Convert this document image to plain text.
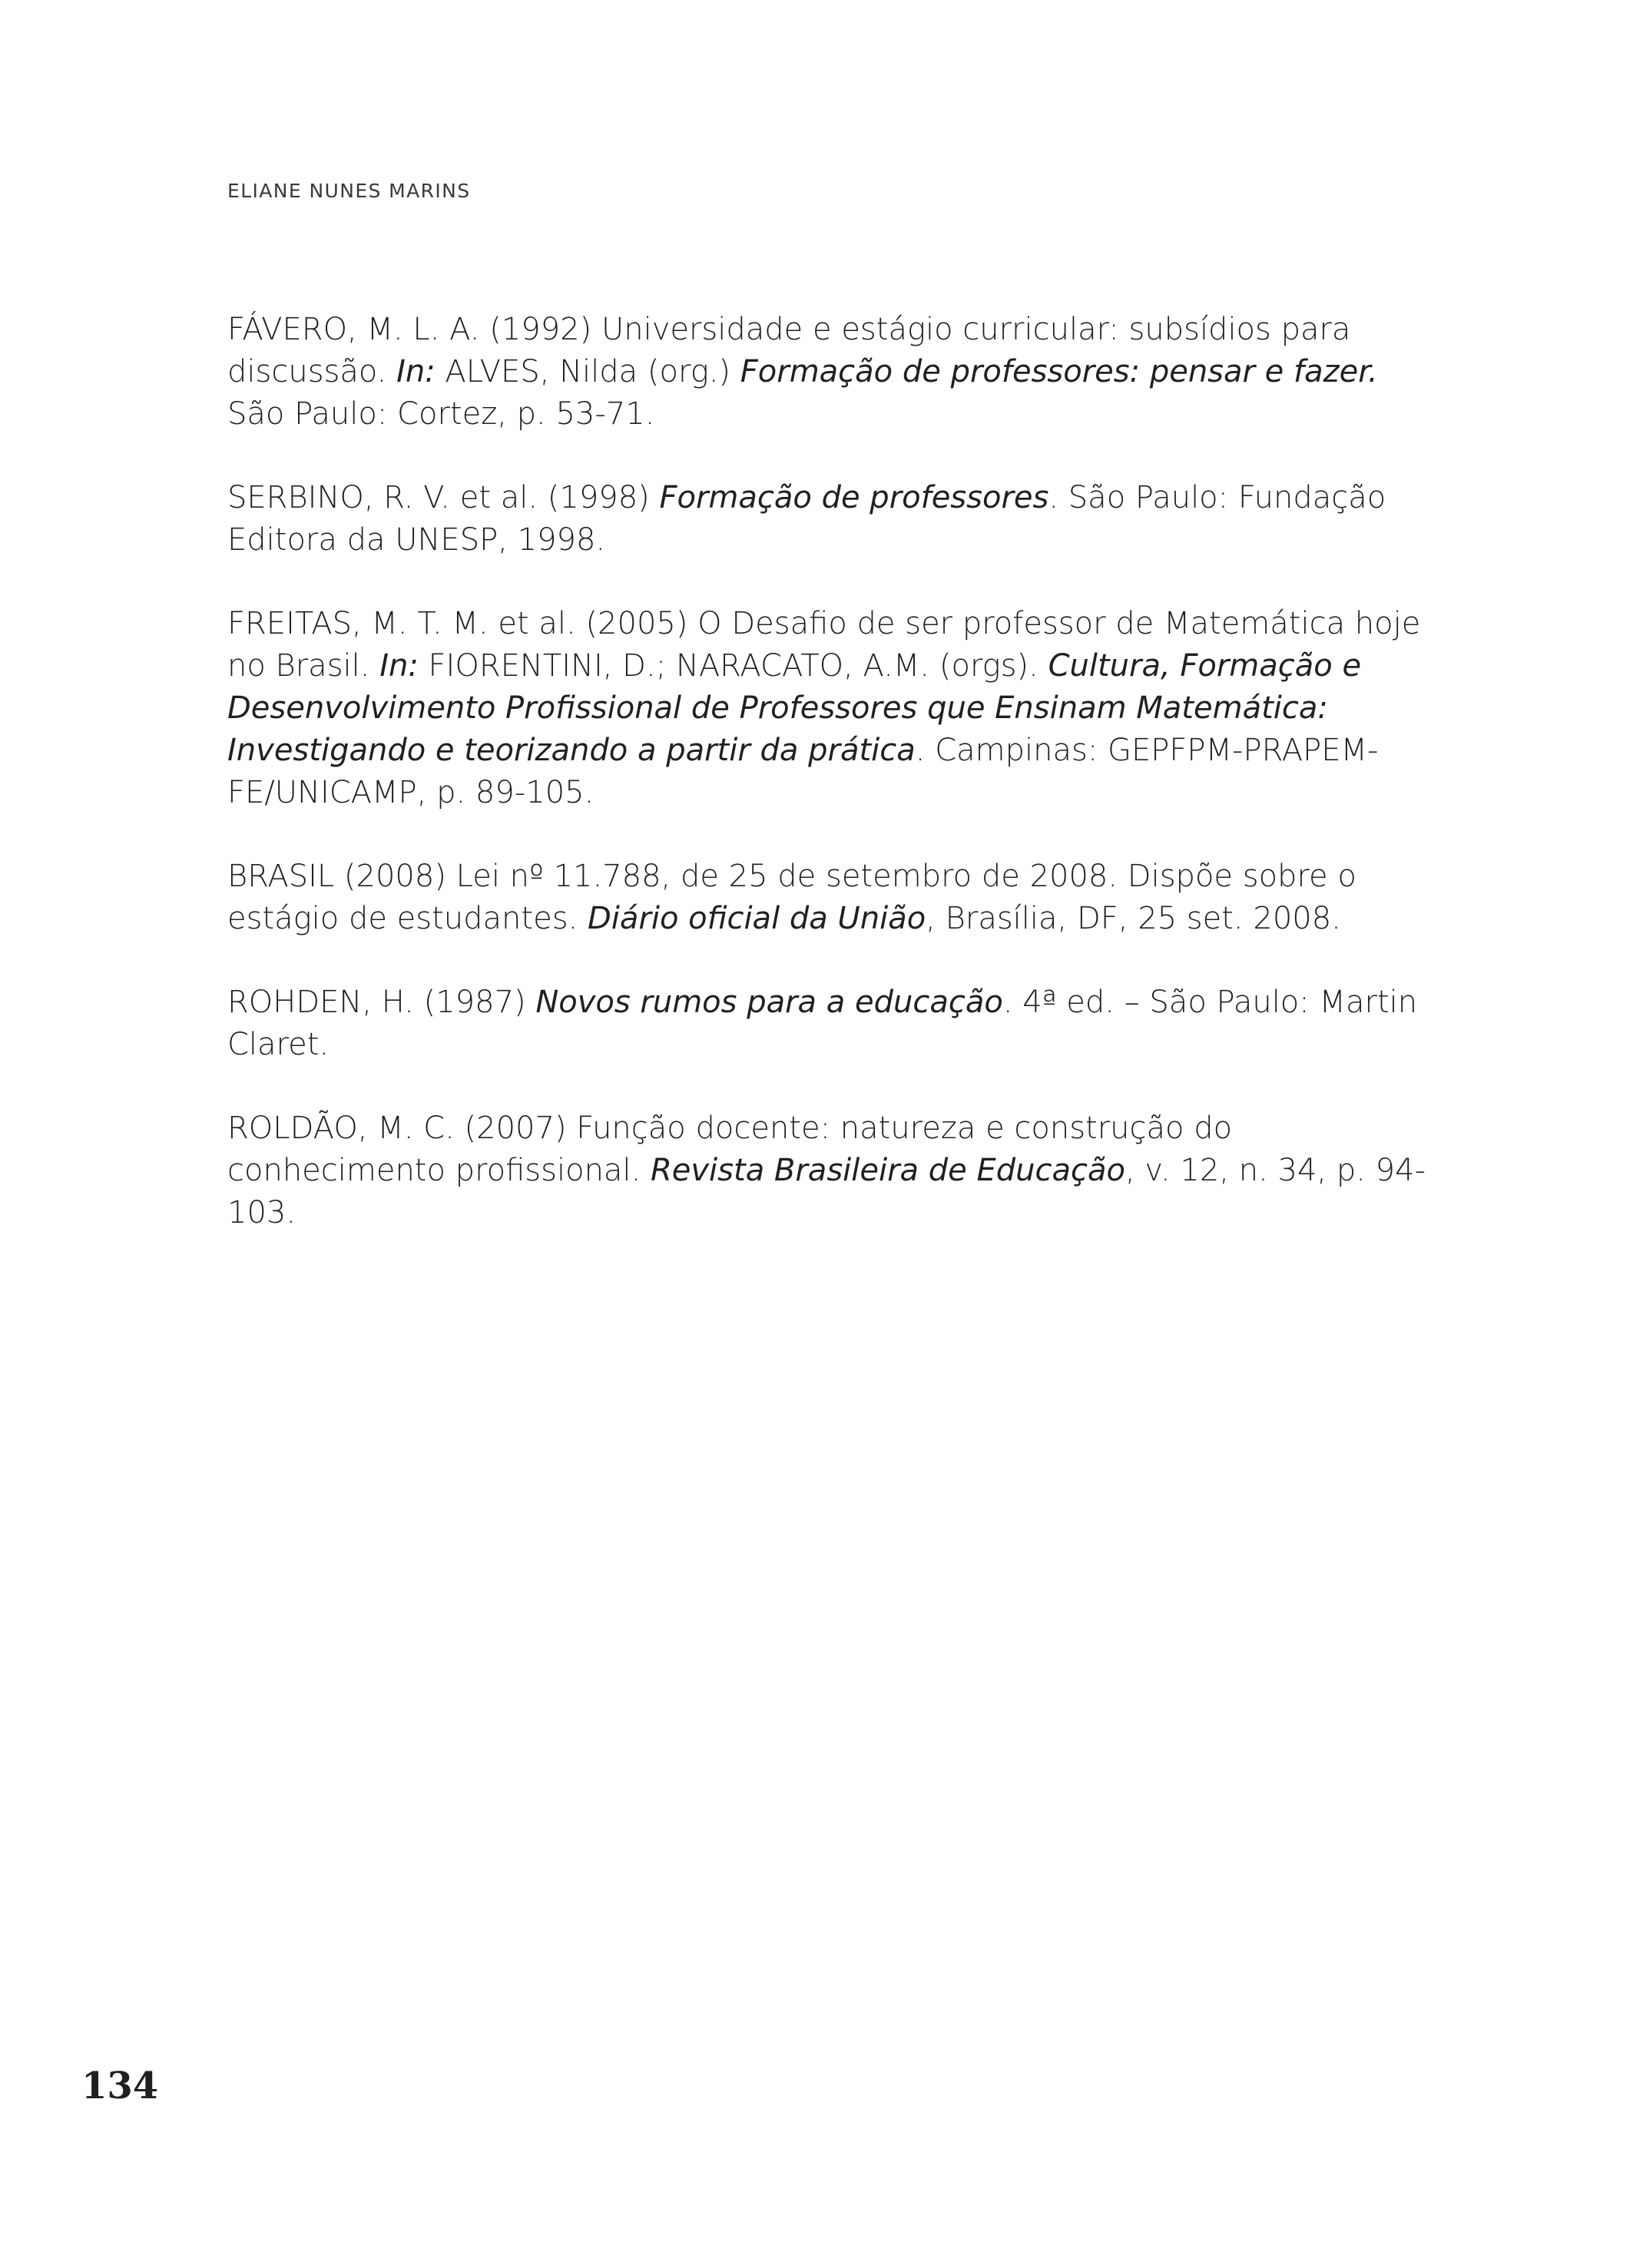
ELIANE NUNES MARINS

FÁVERO, M. L. A. (1992) Universidade e estágio curricular: subsídios para discussão. In: ALVES, Nilda (org.) Formação de professores: pensar e fazer. São Paulo: Cortez, p. 53-71.

SERBINO, R. V. et al. (1998) Formação de professores. São Paulo: Fundação Editora da UNESP, 1998.

FREITAS, M. T. M. et al. (2005) O Desafio de ser professor de Matemática hoje no Brasil. In: FIORENTINI, D.; NARACATO, A.M. (orgs). Cultura, Formação e Desenvolvimento Profissional de Professores que Ensinam Matemática: Investigando e teorizando a partir da prática. Campinas: GEPFPM-PRAPEM-FE/UNICAMP, p. 89-105.

BRASIL (2008) Lei nº 11.788, de 25 de setembro de 2008. Dispõe sobre o estágio de estudantes. Diário oficial da União, Brasília, DF, 25 set. 2008.

ROHDEN, H. (1987) Novos rumos para a educação. 4ª ed. – São Paulo: Martin Claret.

ROLDÃO, M. C. (2007) Função docente: natureza e construção do conhecimento profissional. Revista Brasileira de Educação, v. 12, n. 34, p. 94-103.

134
